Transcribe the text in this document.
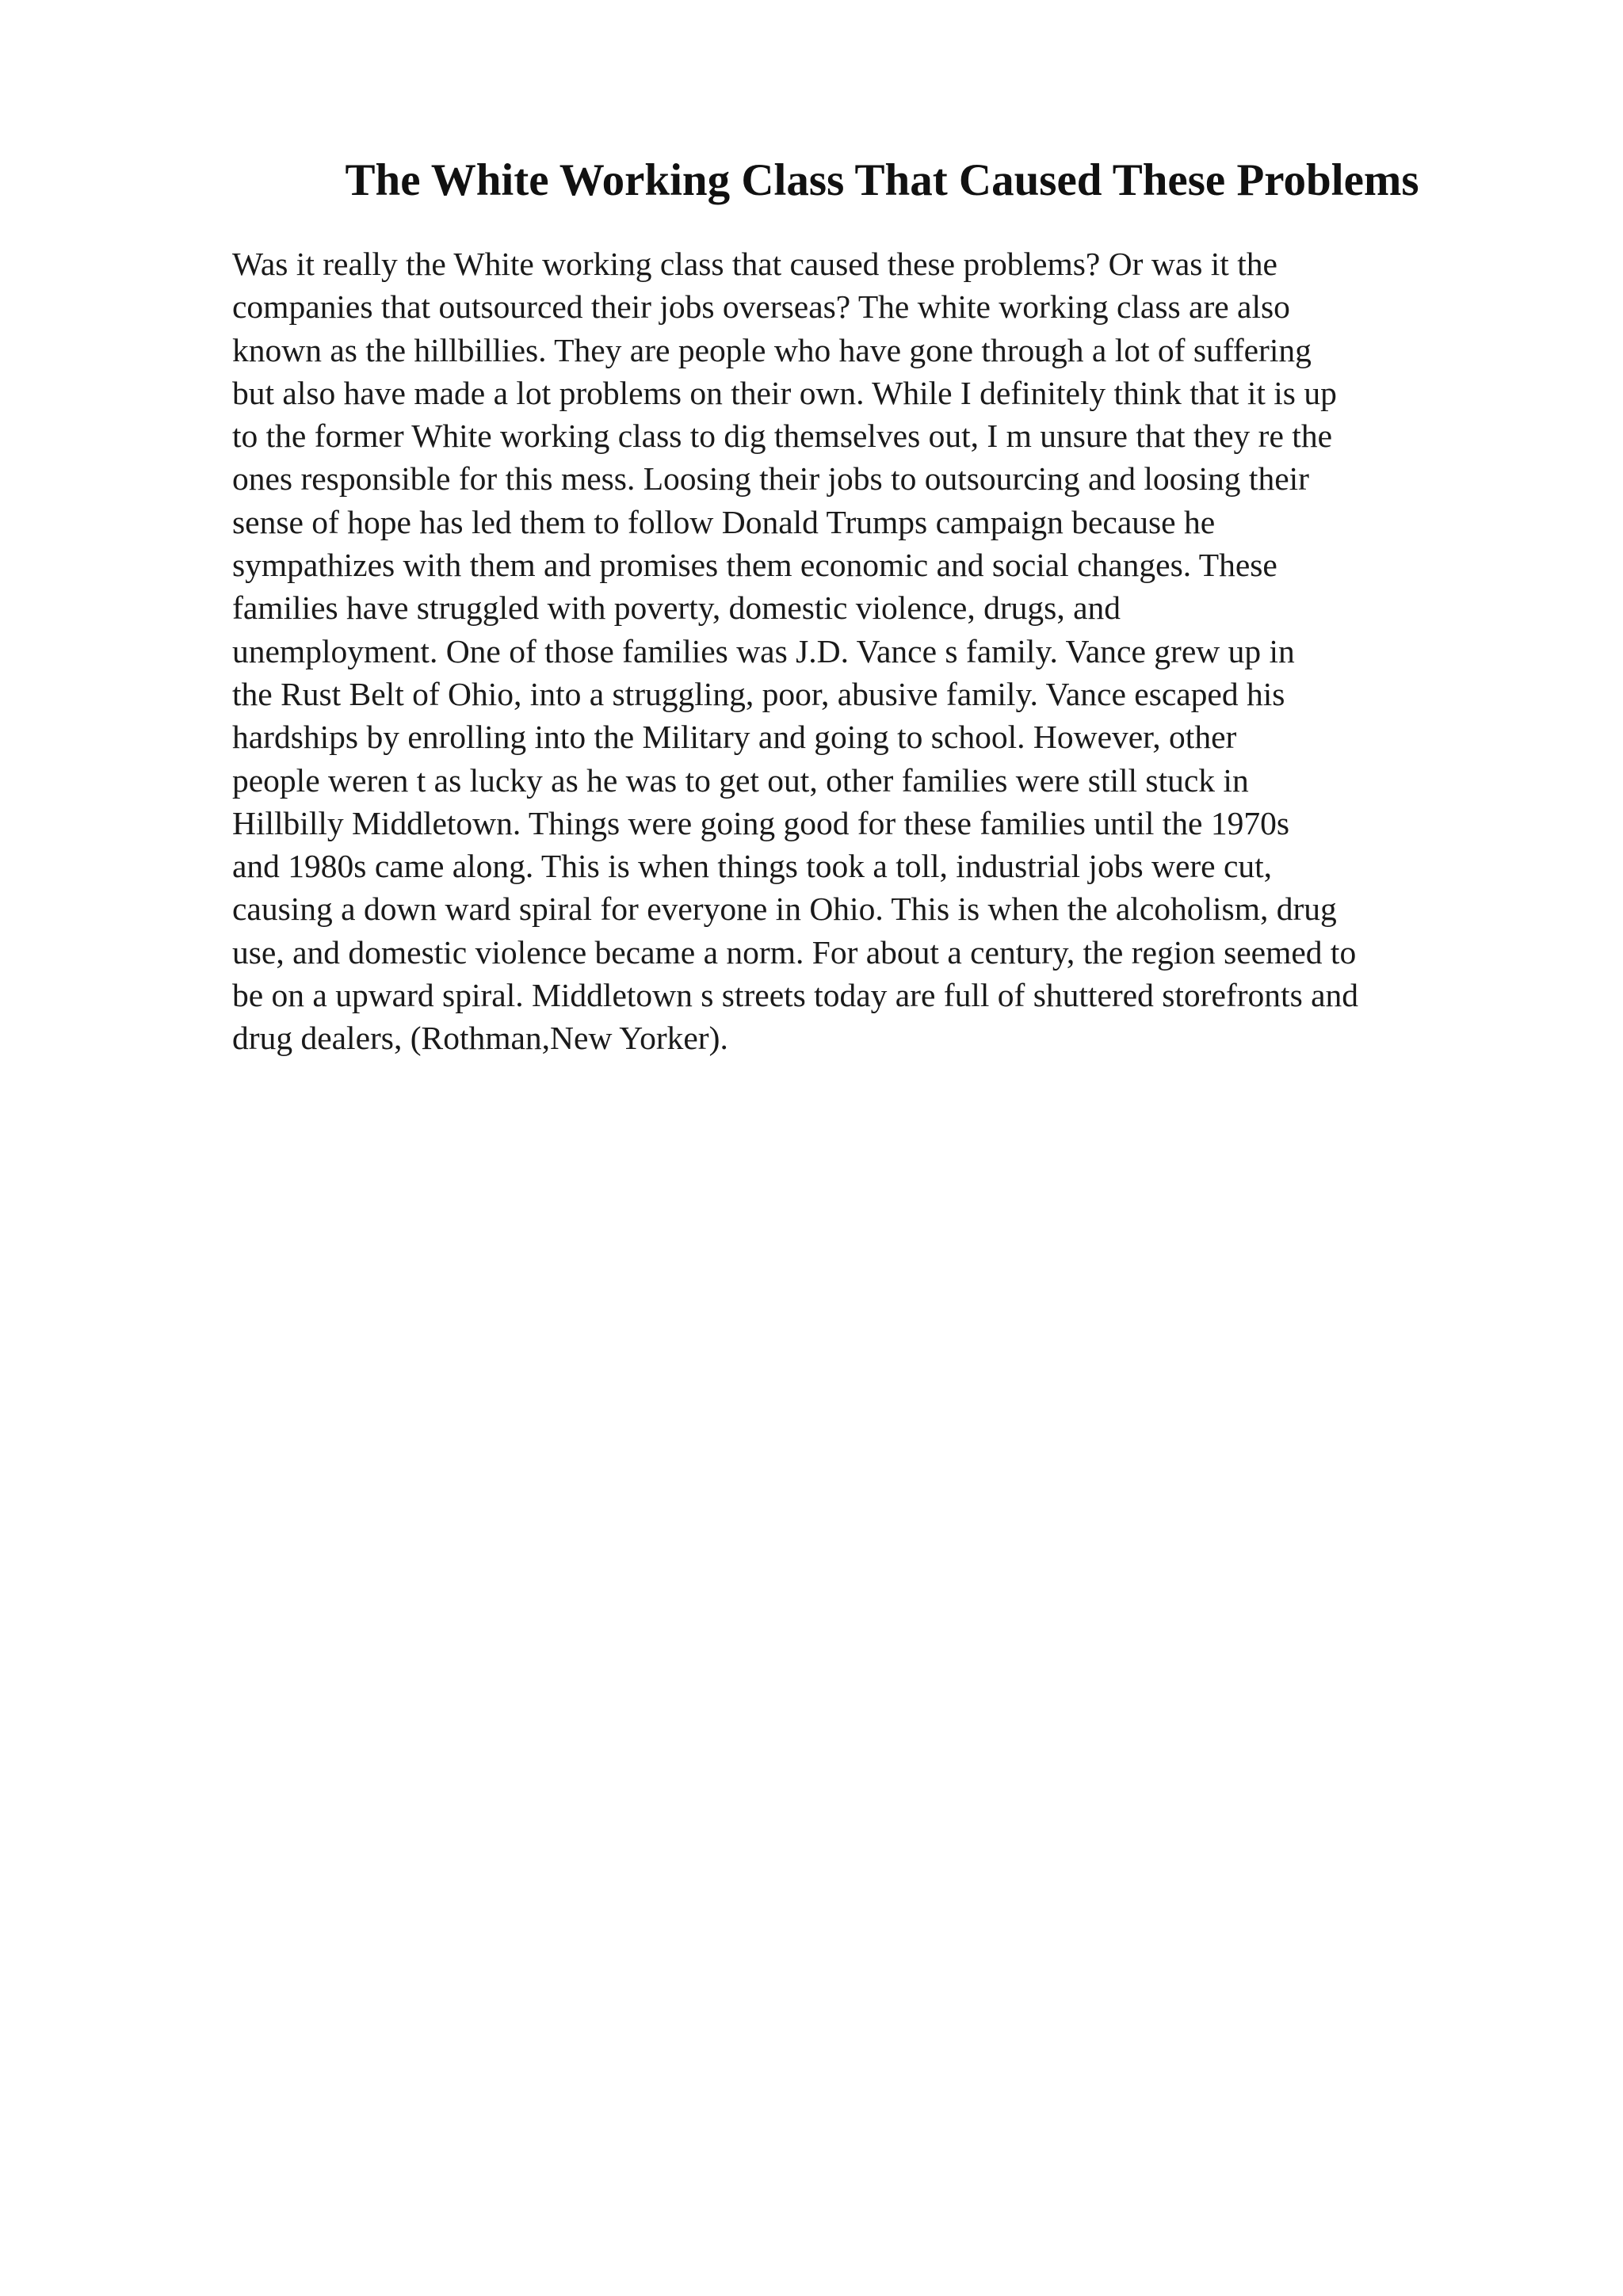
The White Working Class That Caused These Problems
Was it really the White working class that caused these problems? Or was it the
companies that outsourced their jobs overseas? The white working class are also
known as the hillbillies. They are people who have gone through a lot of suffering
but also have made a lot problems on their own. While I definitely think that it is up
to the former White working class to dig themselves out, I m unsure that they re the
ones responsible for this mess. Loosing their jobs to outsourcing and loosing their
sense of hope has led them to follow Donald Trumps campaign because he
sympathizes with them and promises them economic and social changes. These
families have struggled with poverty, domestic violence, drugs, and
unemployment. One of those families was J.D. Vance s family. Vance grew up in
the Rust Belt of Ohio, into a struggling, poor, abusive family. Vance escaped his
hardships by enrolling into the Military and going to school. However, other
people weren t as lucky as he was to get out, other families were still stuck in
Hillbilly Middletown. Things were going good for these families until the 1970s
and 1980s came along. This is when things took a toll, industrial jobs were cut,
causing a down ward spiral for everyone in Ohio. This is when the alcoholism, drug
use, and domestic violence became a norm. For about a century, the region seemed to
be on a upward spiral. Middletown s streets today are full of shuttered storefronts and
drug dealers, (Rothman,New Yorker).
